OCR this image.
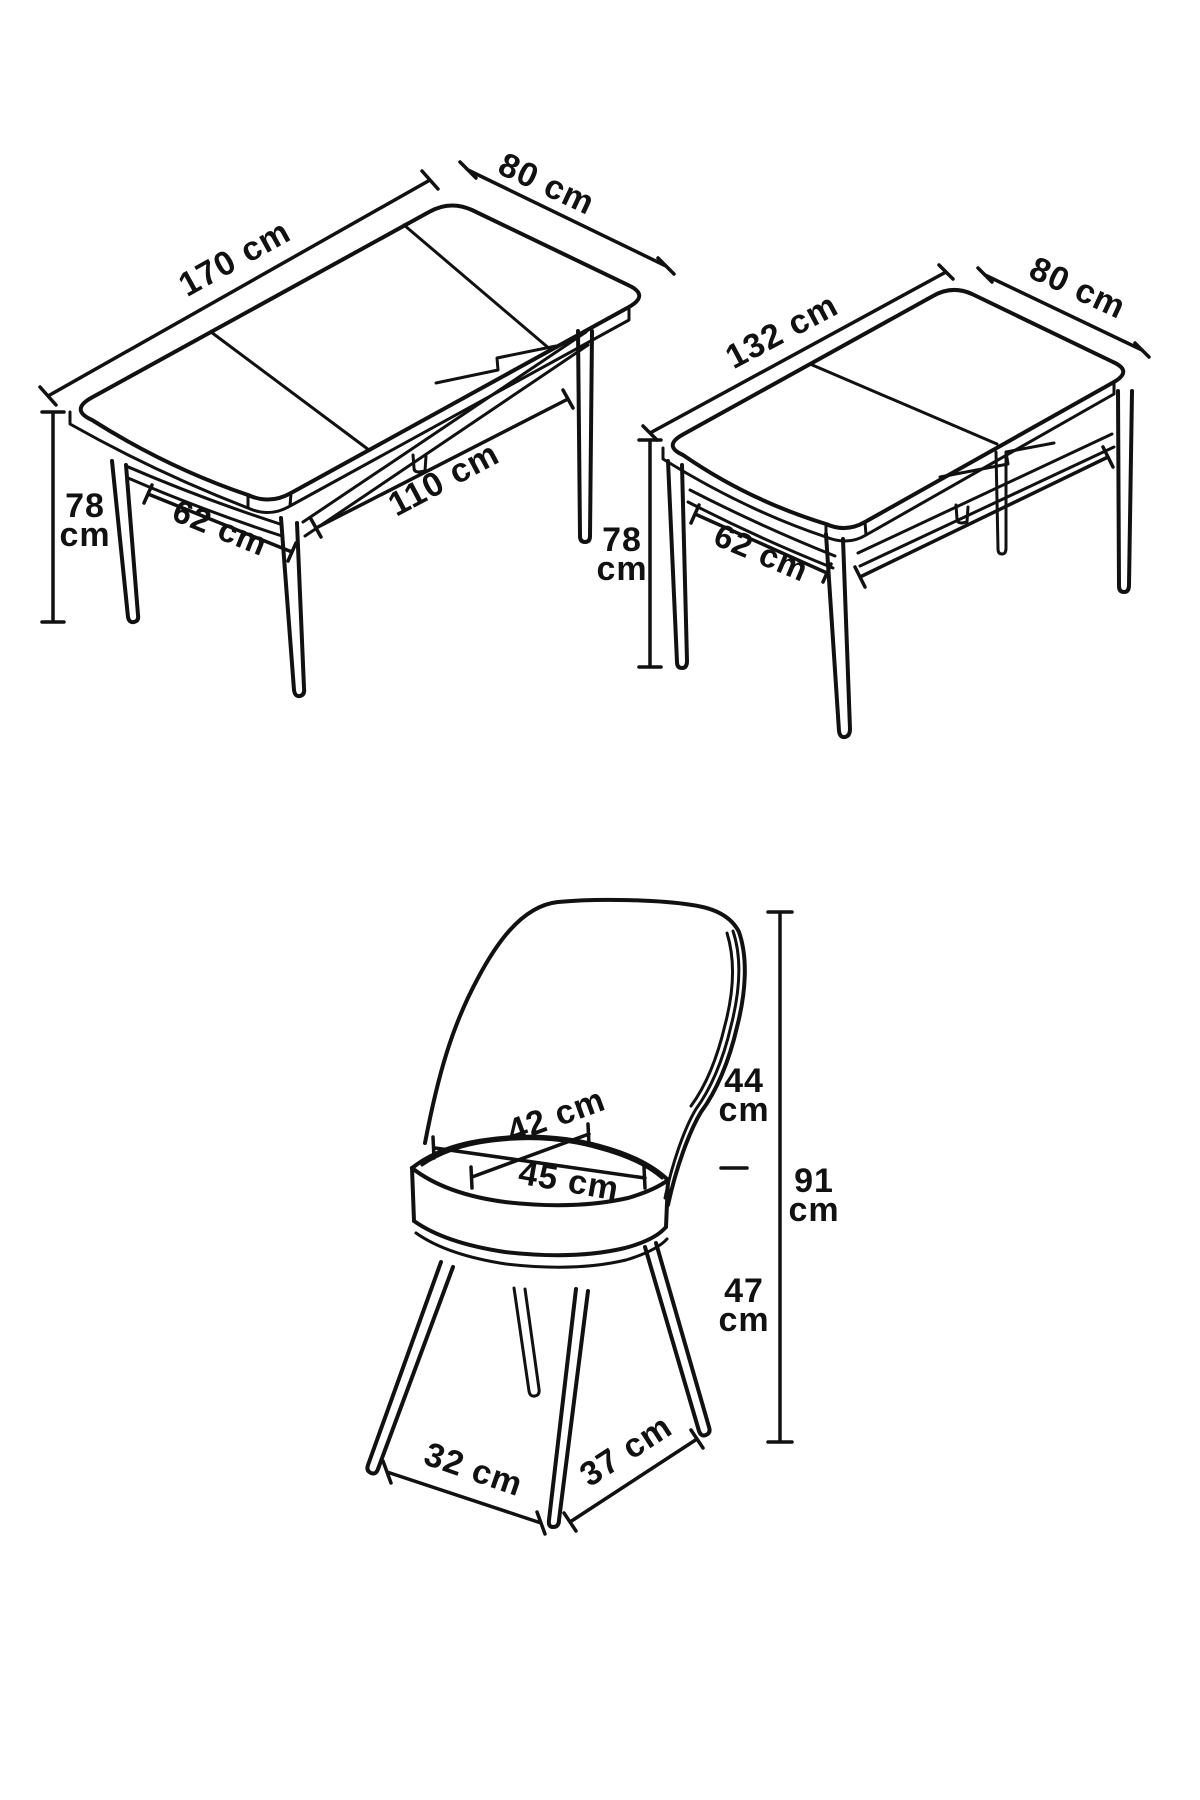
170 cm
80 cm
78
cm 62 cm
110 cm
132 cm	80 cm
78
cm 62 cm
42 cm
45 cm
44
cm
91
cm
47
cm
32 cm 37 cm
